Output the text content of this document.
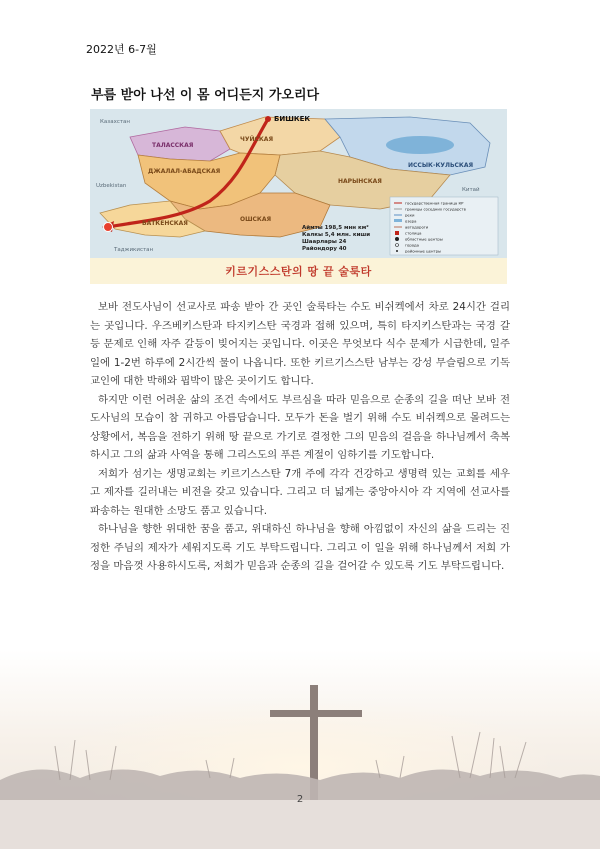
2022년 6-7월
부름 받아 나선 이 몸 어디든지 가오리다
БИШКЕК
Казахстан
Uzbekistan
Таджикистан
Китай
ТАЛАССКАЯ
ЧУЙСКАЯ
ИССЫК-КУЛЬСКАЯ
НАРЫНСКАЯ
ДЖАЛАЛ-АБАДСКАЯ
ОШСКАЯ
БАТКЕНСКАЯ
Аймты 198,5 мнн км²
Калкы 5,4 млн. киши
Шаарлары 24
Райондору 40
государственная граница КР
границы соседних государств
реки
озера
автодороги
столица
областные центры
города
районные центры
키르기스스탄의 땅 끝 술룩타

보바 전도사님이 선교사로 파송 받아 간 곳인 술룩타는 수도 비쉬켁에서 차로 24시간 걸리는 곳입니다. 우즈베키스탄과 타지키스탄 국경과 접해 있으며, 특히 타지키스탄과는 국경 갈등 문제로 인해 자주 갈등이 빚어지는 곳입니다. 이곳은 무엇보다 식수 문제가 시급한데, 일주일에 1-2번 하루에 2시간씩 물이 나옵니다. 또한 키르기스스탄 남부는 강성 무슬림으로 기독교인에 대한 박해와 핍박이 많은 곳이기도 합니다.

하지만 이런 어려운 삶의 조건 속에서도 부르심을 따라 믿음으로 순종의 길을 떠난 보바 전도사님의 모습이 참 귀하고 아름답습니다. 모두가 돈을 벌기 위해 수도 비쉬켁으로 몰려드는 상황에서, 복음을 전하기 위해 땅 끝으로 가기로 결정한 그의 믿음의 걸음을 하나님께서 축복하시고 그의 삶과 사역을 통해 그리스도의 푸른 계절이 임하기를 기도합니다.

저희가 섬기는 생명교회는 키르기스스탄 7개 주에 각각 건강하고 생명력 있는 교회를 세우고 제자를 길러내는 비전을 갖고 있습니다. 그리고 더 넓게는 중앙아시아 각 지역에 선교사를 파송하는 원대한 소망도 품고 있습니다.

하나님을 향한 위대한 꿈을 품고, 위대하신 하나님을 향해 아낌없이 자신의 삶을 드리는 진정한 주님의 제자가 세워지도록 기도 부탁드립니다. 그리고 이 일을 위해 하나님께서 저희 가정을 마음껏 사용하시도록, 저희가 믿음과 순종의 길을 걸어갈 수 있도록 기도 부탁드립니다.

2
